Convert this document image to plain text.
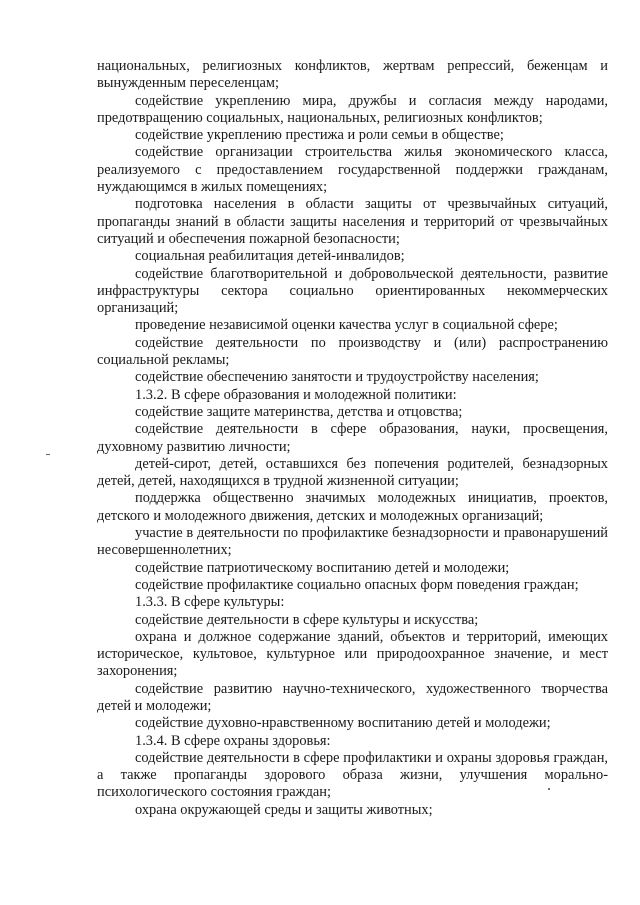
национальных, религиозных конфликтов, жертвам репрессий, беженцам и вынужденным переселенцам;

содействие укреплению мира, дружбы и согласия между народами, предотвращению социальных, национальных, религиозных конфликтов;

содействие укреплению престижа и роли семьи в обществе;

содействие организации строительства жилья экономического класса, реализуемого с предоставлением государственной поддержки гражданам, нуждающимся в жилых помещениях;

подготовка населения в области защиты от чрезвычайных ситуаций, пропаганды знаний в области защиты населения и территорий от чрезвычайных ситуаций и обеспечения пожарной безопасности;

социальная реабилитация детей-инвалидов;

содействие благотворительной и добровольческой деятельности, развитие инфраструктуры сектора социально ориентированных некоммерческих организаций;

проведение независимой оценки качества услуг в социальной сфере;

содействие деятельности по производству и (или) распространению социальной рекламы;

содействие обеспечению занятости и трудоустройству населения;

1.3.2. В сфере образования и молодежной политики:

содействие защите материнства, детства и отцовства;

содействие деятельности в сфере образования, науки, просвещения, духовному развитию личности;

детей-сирот, детей, оставшихся без попечения родителей, безнадзорных детей, детей, находящихся в трудной жизненной ситуации;

поддержка общественно значимых молодежных инициатив, проектов, детского и молодежного движения, детских и молодежных организаций;

участие в деятельности по профилактике безнадзорности и правонарушений несовершеннолетних;

содействие патриотическому воспитанию детей и молодежи;

содействие профилактике социально опасных форм поведения граждан;

1.3.3. В сфере культуры:

содействие деятельности в сфере культуры и искусства;

охрана и должное содержание зданий, объектов и территорий, имеющих историческое, культовое, культурное или природоохранное значение, и мест захоронения;

содействие развитию научно-технического, художественного творчества детей и молодежи;

содействие духовно-нравственному воспитанию детей и молодежи;

1.3.4. В сфере охраны здоровья:

содействие деятельности в сфере профилактики и охраны здоровья граждан, а также пропаганды здорового образа жизни, улучшения морально-психологического состояния граждан;

охрана окружающей среды и защиты животных;
